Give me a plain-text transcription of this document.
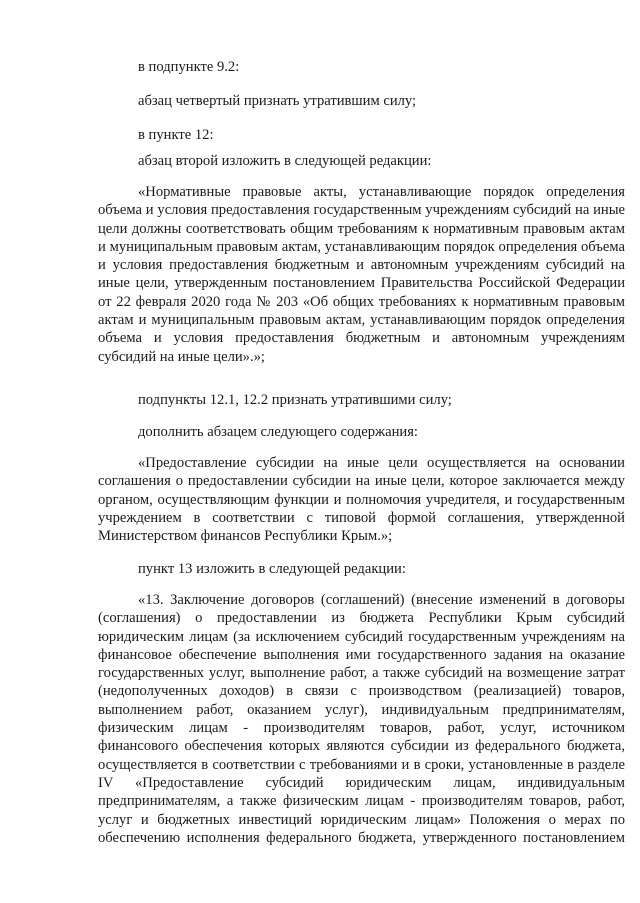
в подпункте 9.2:

абзац четвертый признать утратившим силу;

в пункте 12:

абзац второй изложить в следующей редакции:

«Нормативные правовые акты, устанавливающие порядок определения объема и условия предоставления государственным учреждениям субсидий на иные цели должны соответствовать общим требованиям к нормативным правовым актам и муниципальным правовым актам, устанавливающим порядок определения объема и условия предоставления бюджетным и автономным учреждениям субсидий на иные цели, утвержденным постановлением Правительства Российской Федерации от 22 февраля 2020 года № 203 «Об общих требованиях к нормативным правовым актам и муниципальным правовым актам, устанавливающим порядок определения объема и условия предоставления бюджетным и автономным учреждениям субсидий на иные цели».»;

подпункты 12.1, 12.2 признать утратившими силу;

дополнить абзацем следующего содержания:

«Предоставление субсидии на иные цели осуществляется на основании соглашения о предоставлении субсидии на иные цели, которое заключается между органом, осуществляющим функции и полномочия учредителя, и государственным учреждением в соответствии с типовой формой соглашения, утвержденной Министерством финансов Республики Крым.»;

пункт 13 изложить в следующей редакции:

«13. Заключение договоров (соглашений) (внесение изменений в договоры (соглашения) о предоставлении из бюджета Республики Крым субсидий юридическим лицам (за исключением субсидий государственным учреждениям на финансовое обеспечение выполнения ими государственного задания на оказание государственных услуг, выполнение работ, а также субсидий на возмещение затрат (недополученных доходов) в связи с производством (реализацией) товаров, выполнением работ, оказанием услуг), индивидуальным предпринимателям, физическим лицам - производителям товаров, работ, услуг, источником финансового обеспечения которых являются субсидии из федерального бюджета, осуществляется в соответствии с требованиями и в сроки, установленные в разделе IV «Предоставление субсидий юридическим лицам, индивидуальным предпринимателям, а также физическим лицам - производителям товаров, работ, услуг и бюджетных инвестиций юридическим лицам» Положения о мерах по обеспечению исполнения федерального бюджета, утвержденного постановлением
